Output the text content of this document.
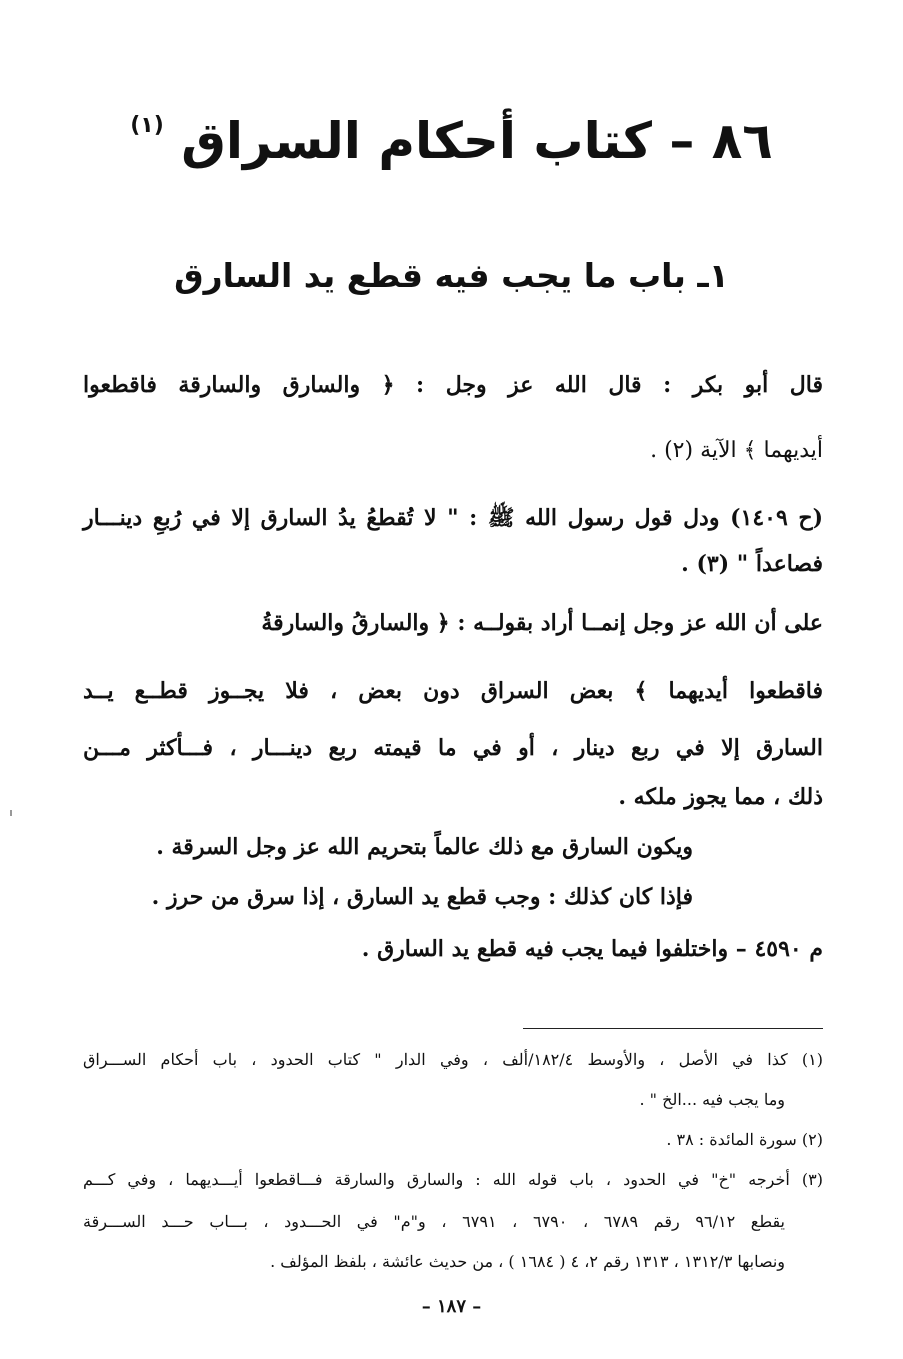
٨٦ – كتاب أحكام السراق $^{(١)}$
١ـ باب ما يجب فيه قطع يد السارق
قال أبو بكر : قال الله عز وجل : ﴿ والسارق والسارقة فاقطعوا
أيديهما ﴾ الآية (٢) .
(ح ١٤٠٩) ودل قول رسول الله ﷺ : " لا تُقطعُ يدُ السارق إلا في رُبعِ دينـــار
فصاعداً " (٣) .
على أن الله عز وجل إنمــا أراد بقولــه : ﴿ والسارقُ والسارقةُ
فاقطعوا أيديهما ﴾ بعض السراق دون بعض ، فلا يجــوز قطــع يــد
السارق إلا في ربع دينار ، أو في ما قيمته ربع دينـــار ، فـــأكثر مـــن
ذلك ، مما يجوز ملكه .
ويكون السارق مع ذلك عالماً بتحريم الله عز وجل السرقة .
فإذا كان كذلك : وجب قطع يد السارق ، إذا سرق من حرز .
م ٤٥٩٠ – واختلفوا فيما يجب فيه قطع يد السارق .
(١) كذا في الأصل ، والأوسط ١٨٢/٤/ألف ، وفي الدار " كتاب الحدود ، باب أحكام الســـراق
وما يجب فيه ...الخ " .
(٢) سورة المائدة : ٣٨ .
(٣) أخرجه "خ" في الحدود ، باب قوله الله : والسارق والسارقة فـــاقطعوا أيـــديهما ، وفي كـــم
يقطع ٩٦/١٢ رقم ٦٧٨٩ ، ٦٧٩٠ ، ٦٧٩١ ، و"م" في الحـــدود ، بـــاب حـــد الســـرقة
ونصابها ١٣١٢/٣ ، ١٣١٣ رقم ٢، ٤ ( ١٦٨٤ ) ، من حديث عائشة ، بلفظ المؤلف .
– ١٨٧ –
